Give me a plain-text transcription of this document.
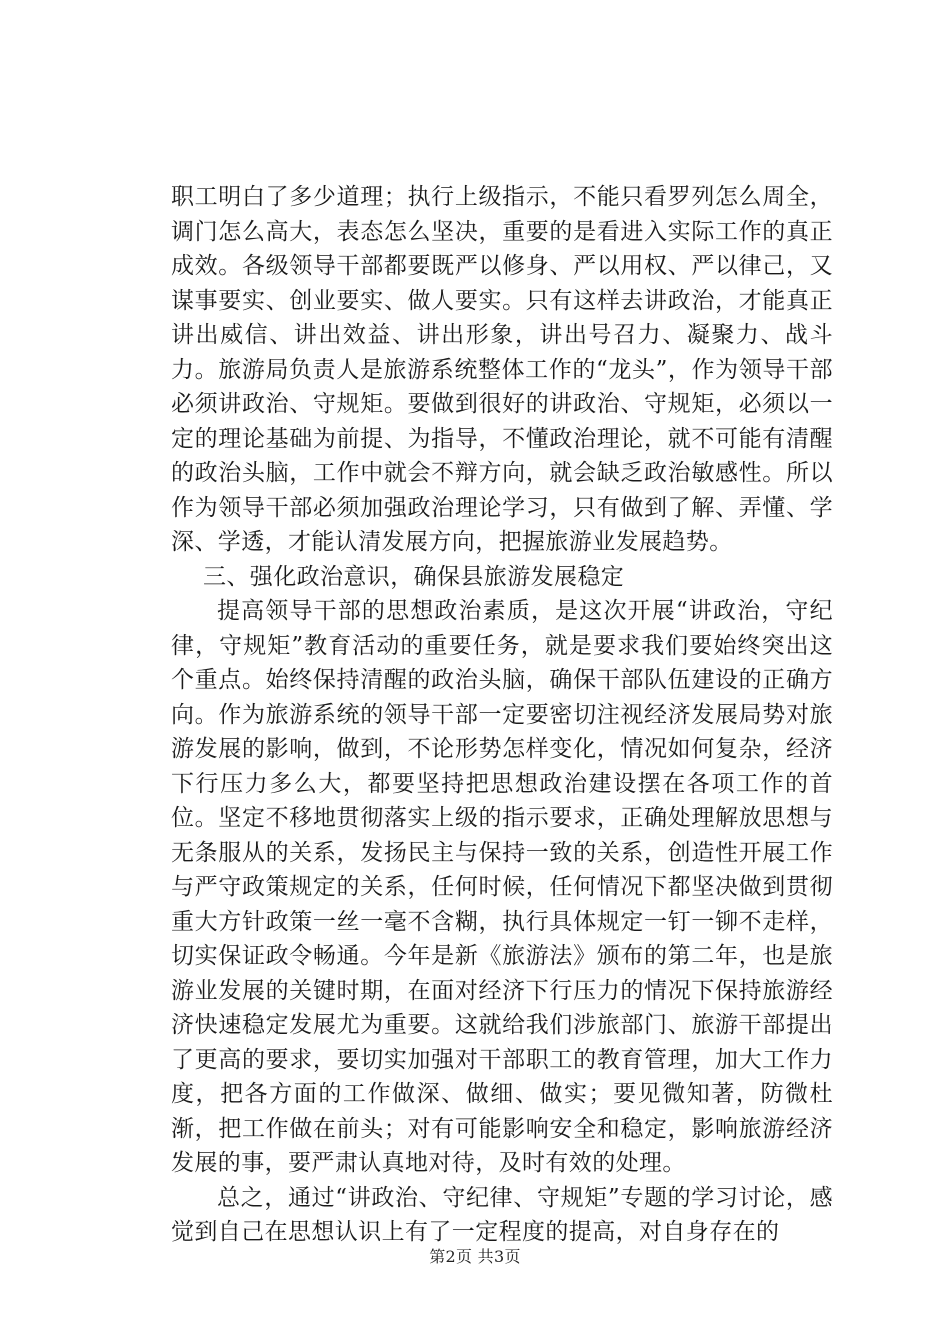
职工明白了多少道理；执行上级指示，不能只看罗列怎么周全，调门怎么高大，表态怎么坚决，重要的是看进入实际工作的真正成效。各级领导干部都要既严以修身、严以用权、严以律己，又谋事要实、创业要实、做人要实。只有这样去讲政治，才能真正讲出威信、讲出效益、讲出形象，讲出号召力、凝聚力、战斗力。旅游局负责人是旅游系统整体工作的“龙头”，作为领导干部必须讲政治、守规矩。要做到很好的讲政治、守规矩，必须以一定的理论基础为前提、为指导，不懂政治理论，就不可能有清醒的政治头脑，工作中就会不辩方向，就会缺乏政治敏感性。所以作为领导干部必须加强政治理论学习，只有做到了解、弄懂、学深、学透，才能认清发展方向，把握旅游业发展趋势。

三、强化政治意识，确保县旅游发展稳定

提高领导干部的思想政治素质，是这次开展“讲政治，守纪律，守规矩”教育活动的重要任务，就是要求我们要始终突出这个重点。始终保持清醒的政治头脑，确保干部队伍建设的正确方向。作为旅游系统的领导干部一定要密切注视经济发展局势对旅游发展的影响，做到，不论形势怎样变化，情况如何复杂，经济下行压力多么大，都要坚持把思想政治建设摆在各项工作的首位。坚定不移地贯彻落实上级的指示要求，正确处理解放思想与无条服从的关系，发扬民主与保持一致的关系，创造性开展工作与严守政策规定的关系，任何时候，任何情况下都坚决做到贯彻重大方针政策一丝一毫不含糊，执行具体规定一钉一铆不走样，切实保证政令畅通。今年是新《旅游法》颁布的第二年，也是旅游业发展的关键时期，在面对经济下行压力的情况下保持旅游经济快速稳定发展尤为重要。这就给我们涉旅部门、旅游干部提出了更高的要求，要切实加强对干部职工的教育管理，加大工作力度，把各方面的工作做深、做细、做实；要见微知著，防微杜渐，把工作做在前头；对有可能影响安全和稳定，影响旅游经济发展的事，要严肃认真地对待，及时有效的处理。

总之，通过“讲政治、守纪律、守规矩”专题的学习讨论，感觉到自己在思想认识上有了一定程度的提高，对自身存在的

第2页 共3页
